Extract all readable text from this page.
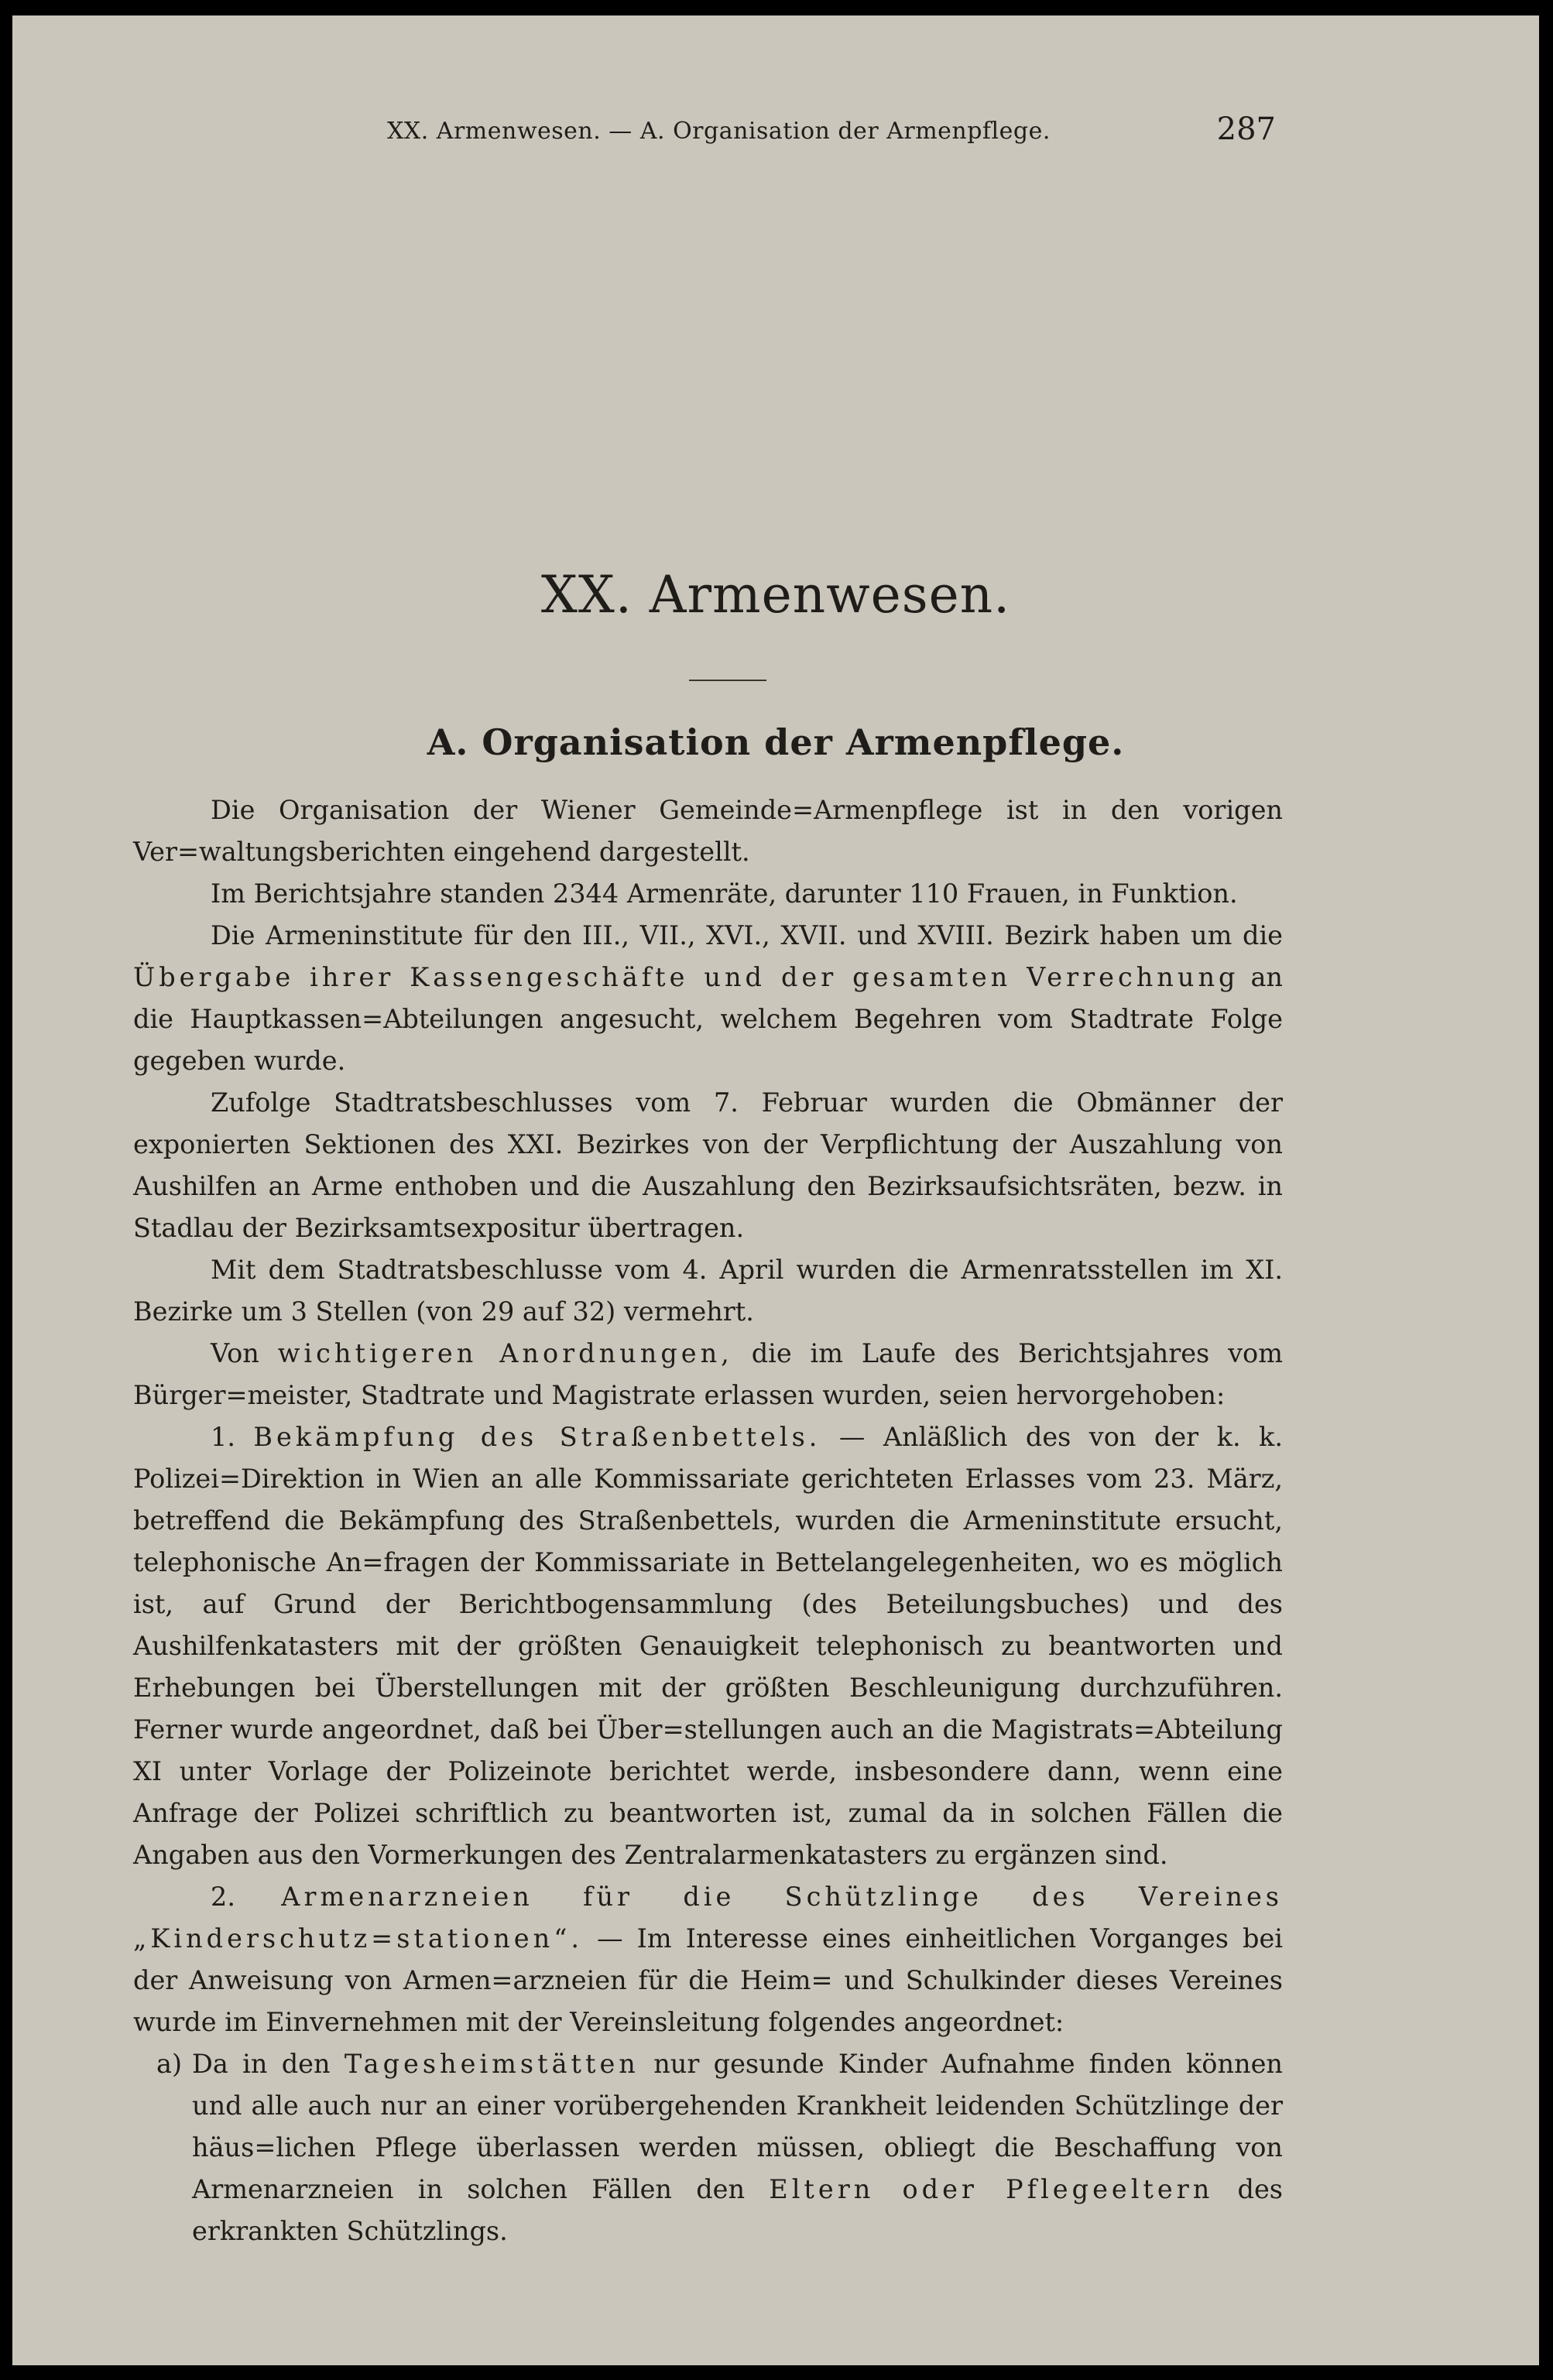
XX. Armenwesen. — A. Organisation der Armenpflege.	287
XX. Armenwesen.
A. Organisation der Armenpflege.

Die Organisation der Wiener Gemeinde=Armenpflege ist in den vorigen Ver=waltungsberichten eingehend dargestellt.

Im Berichtsjahre standen 2344 Armenräte, darunter 110 Frauen, in Funktion.

Die Armeninstitute für den III., VII., XVI., XVII. und XVIII. Bezirk haben um die Übergabe ihrer Kassengeschäfte und der gesamten Verrechnung an die Hauptkassen=Abteilungen angesucht, welchem Begehren vom Stadtrate Folge gegeben wurde.

Zufolge Stadtratsbeschlusses vom 7. Februar wurden die Obmänner der exponierten Sektionen des XXI. Bezirkes von der Verpflichtung der Auszahlung von Aushilfen an Arme enthoben und die Auszahlung den Bezirksaufsichtsräten, bezw. in Stadlau der Bezirksamtsexpositur übertragen.

Mit dem Stadtratsbeschlusse vom 4. April wurden die Armenratsstellen im XI. Bezirke um 3 Stellen (von 29 auf 32) vermehrt.

Von wichtigeren Anordnungen, die im Laufe des Berichtsjahres vom Bürger=meister, Stadtrate und Magistrate erlassen wurden, seien hervorgehoben:

1. Bekämpfung des Straßenbettels. — Anläßlich des von der k. k. Polizei=Direktion in Wien an alle Kommissariate gerichteten Erlasses vom 23. März, betreffend die Bekämpfung des Straßenbettels, wurden die Armeninstitute ersucht, telephonische An=fragen der Kommissariate in Bettelangelegenheiten, wo es möglich ist, auf Grund der Berichtbogensammlung (des Beteilungsbuches) und des Aushilfenkatasters mit der größten Genauigkeit telephonisch zu beantworten und Erhebungen bei Überstellungen mit der größten Beschleunigung durchzuführen. Ferner wurde angeordnet, daß bei Über=stellungen auch an die Magistrats=Abteilung XI unter Vorlage der Polizeinote berichtet werde, insbesondere dann, wenn eine Anfrage der Polizei schriftlich zu beantworten ist, zumal da in solchen Fällen die Angaben aus den Vormerkungen des Zentralarmenkatasters zu ergänzen sind.

2. Armenarzneien für die Schützlinge des Vereines „Kinderschutz=stationen“. — Im Interesse eines einheitlichen Vorganges bei der Anweisung von Armen=arzneien für die Heim= und Schulkinder dieses Vereines wurde im Einvernehmen mit der Vereinsleitung folgendes angeordnet:

a) Da in den Tagesheimstätten nur gesunde Kinder Aufnahme finden können und alle auch nur an einer vorübergehenden Krankheit leidenden Schützlinge der häus=lichen Pflege überlassen werden müssen, obliegt die Beschaffung von Armenarzneien in solchen Fällen den Eltern oder Pflegeeltern des erkrankten Schützlings.
